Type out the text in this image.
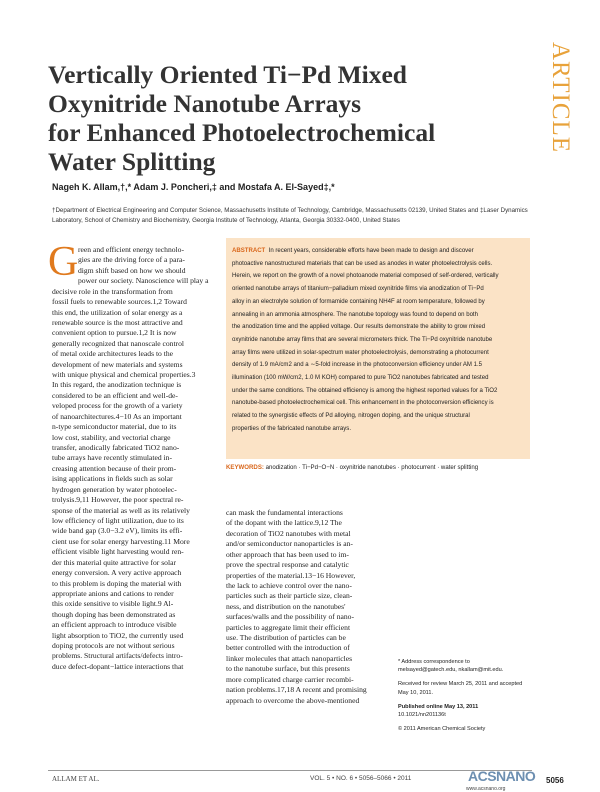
ARTICLE
Vertically Oriented Ti−Pd Mixed
Oxynitride Nanotube Arrays
for Enhanced Photoelectrochemical
Water Splitting
Nageh K. Allam,†,* Adam J. Poncheri,‡ and Mostafa A. El-Sayed‡,*
†Department of Electrical Engineering and Computer Science, Massachusetts Institute of Technology, Cambridge, Massachusetts 02139, United States and ‡Laser Dynamics Laboratory, School of Chemistry and Biochemistry, Georgia Institute of Technology, Atlanta, Georgia 30332-0400, United States
G reen and efficient energy technolo-
gies are the driving force of a para-
digm shift based on how we should
power our society. Nanoscience will play a
decisive role in the transformation from
fossil fuels to renewable sources.1,2 Toward
this end, the utilization of solar energy as a
renewable source is the most attractive and
convenient option to pursue.1,2 It is now
generally recognized that nanoscale control
of metal oxide architectures leads to the
development of new materials and systems
with unique physical and chemical properties.3
In this regard, the anodization technique is
considered to be an efficient and well-de-
veloped process for the growth of a variety
of nanoarchitectures.4−10 As an important
n-type semiconductor material, due to its
low cost, stability, and vectorial charge
transfer, anodically fabricated TiO2 nano-
tube arrays have recently stimulated in-
creasing attention because of their prom-
ising applications in fields such as solar
hydrogen generation by water photoelec-
trolysis.9,11 However, the poor spectral re-
sponse of the material as well as its relatively
low efficiency of light utilization, due to its
wide band gap (3.0−3.2 eV), limits its effi-
cient use for solar energy harvesting.11 More
efficient visible light harvesting would ren-
der this material quite attractive for solar
energy conversion. A very active approach
to this problem is doping the material with
appropriate anions and cations to render
this oxide sensitive to visible light.9 Al-
though doping has been demonstrated as
an efficient approach to introduce visible
light absorption to TiO2, the currently used
doping protocols are not without serious
problems. Structural artifacts/defects intro-
duce defect-dopant−lattice interactions that
ABSTRACT In recent years, considerable efforts have been made to design and discover
photoactive nanostructured materials that can be used as anodes in water photoelectrolysis cells.
Herein, we report on the growth of a novel photoanode material composed of self-ordered, vertically
oriented nanotube arrays of titanium−palladium mixed oxynitride films via anodization of Ti−Pd
alloy in an electrolyte solution of formamide containing NH4F at room temperature, followed by
annealing in an ammonia atmosphere. The nanotube topology was found to depend on both
the anodization time and the applied voltage. Our results demonstrate the ability to grow mixed
oxynitride nanotube array films that are several micrometers thick. The Ti−Pd oxynitride nanotube
array films were utilized in solar-spectrum water photoelectrolysis, demonstrating a photocurrent
density of 1.9 mA/cm2 and a ∼5-fold increase in the photoconversion efficiency under AM 1.5
illumination (100 mW/cm2, 1.0 M KOH) compared to pure TiO2 nanotubes fabricated and tested
under the same conditions. The obtained efficiency is among the highest reported values for a TiO2
nanotube-based photoelectrochemical cell. This enhancement in the photoconversion efficiency is
related to the synergistic effects of Pd alloying, nitrogen doping, and the unique structural
properties of the fabricated nanotube arrays.
KEYWORDS: anodization · Ti−Pd−O−N · oxynitride nanotubes · photocurrent · water splitting
can mask the fundamental interactions
of the dopant with the lattice.9,12 The
decoration of TiO2 nanotubes with metal
and/or semiconductor nanoparticles is an-
other approach that has been used to im-
prove the spectral response and catalytic
properties of the material.13−16 However,
the lack to achieve control over the nano-
particles such as their particle size, clean-
ness, and distribution on the nanotubes'
surfaces/walls and the possibility of nano-
particles to aggregate limit their efficient
use. The distribution of particles can be
better controlled with the introduction of
linker molecules that attach nanoparticles
to the nanotube surface, but this presents
more complicated charge carrier recombi-
nation problems.17,18 A recent and promising
approach to overcome the above-mentioned

* Address correspondence to
melsayed@gatech.edu, nkallam@mit.edu.

Received for review March 25, 2011 and accepted May 10, 2011.

Published online May 13, 2011
10.1021/nn201136t

© 2011 American Chemical Society

ALLAM ET AL.	VOL. 5 • NO. 6 • 5056–5066 • 2011	ACSNANO
www.acsnano.org
5056
